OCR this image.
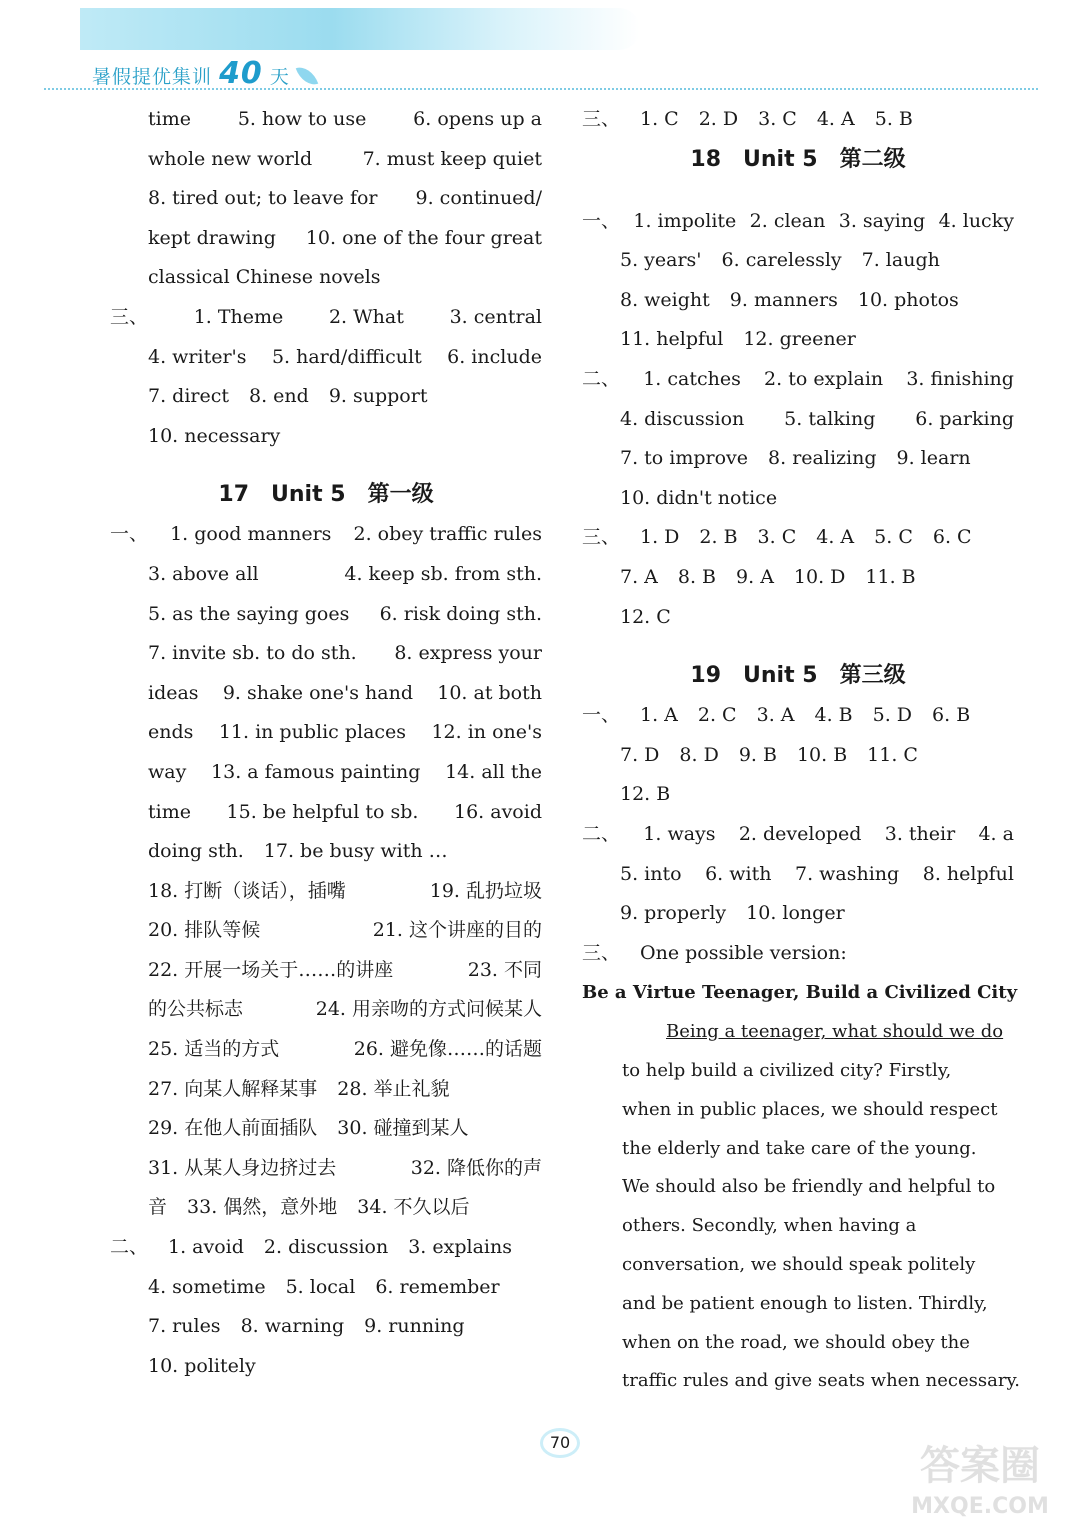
暑假提优集训 40 天
time 5. how to use 6. opens up a
whole new world	7. must keep quiet
8. tired out; to leave for 9. continued/
kept drawing 10. one of the four great
classical Chinese novels
三、 1. Theme 2. What 3. central
4. writer's 5. hard/difficult 6. include
7. direct 8. end 9. support
10. necessary
17　Unit 5　第一级
一、 1. good manners 2. obey traffic rules
3. above all	4. keep sb. from sth.
5. as the saying goes 6. risk doing sth.
7. invite sb. to do sth. 8. express your
ideas 9. shake one's hand 10. at both
ends 11. in public places 12. in one's
way 13. a famous painting 14. all the
time 15. be helpful to sb. 16. avoid
doing sth. 17. be busy with …
18. 打断（谈话），插嘴	19. 乱扔垃圾
20. 排队等候	21. 这个讲座的目的
22. 开展一场关于……的讲座	23. 不同
的公共标志	24. 用亲吻的方式问候某人
25. 适当的方式	26. 避免像……的话题
27. 向某人解释某事 28. 举止礼貌
29. 在他人前面插队 30. 碰撞到某人
31. 从某人身边挤过去	32. 降低你的声
音 33. 偶然，意外地 34. 不久以后
二、 1. avoid 2. discussion 3. explains
4. sometime 5. local 6. remember
7. rules 8. warning 9. running
10. politely
三、 1. C 2. D 3. C 4. A 5. B
18　Unit 5　第二级
一、 1. impolite 2. clean 3. saying 4. lucky
5. years' 6. carelessly 7. laugh
8. weight 9. manners 10. photos
11. helpful 12. greener
二、 1. catches 2. to explain 3. finishing
4. discussion 5. talking 6. parking
7. to improve 8. realizing 9. learn
10. didn't notice
三、 1. D 2. B 3. C 4. A 5. C 6. C
7. A 8. B 9. A 10. D 11. B
12. C
19　Unit 5　第三级
一、 1. A 2. C 3. A 4. B 5. D 6. B
7. D 8. D 9. B 10. B 11. C
12. B
二、 1. ways 2. developed 3. their 4. a
5. into 6. with 7. washing 8. helpful
9. properly 10. longer
三、 One possible version:
Be a Virtue Teenager, Build a Civilized City
Being a teenager, what should we do
to help build a civilized city? Firstly,
when in public places, we should respect
the elderly and take care of the young.
We should also be friendly and helpful to
others. Secondly, when having a
conversation, we should speak politely
and be patient enough to listen. Thirdly,
when on the road, we should obey the
traffic rules and give seats when necessary.
70
答案圈
MXQE.COM
